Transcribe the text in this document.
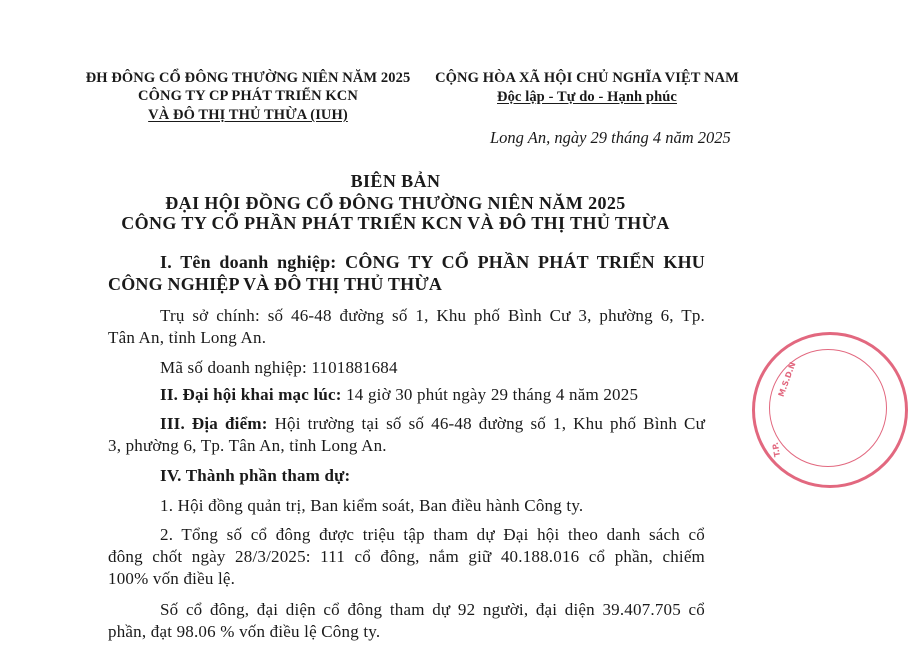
ĐH ĐÔNG CỔ ĐÔNG THƯỜNG NIÊN NĂM 2025
CÔNG TY CP PHÁT TRIỂN KCN
VÀ ĐÔ THỊ THỦ THỪA (IUH)
CỘNG HÒA XÃ HỘI CHỦ NGHĨA VIỆT NAM
Độc lập - Tự do - Hạnh phúc
Long An, ngày 29 tháng 4 năm 2025
BIÊN BẢN
ĐẠI HỘI ĐỒNG CỔ ĐÔNG THƯỜNG NIÊN NĂM 2025
CÔNG TY CỔ PHẦN PHÁT TRIỂN KCN VÀ ĐÔ THỊ THỦ THỪA
I. Tên doanh nghiệp: CÔNG TY CỔ PHẦN PHÁT TRIỂN KHU
CÔNG NGHIỆP VÀ ĐÔ THỊ THỦ THỪA
Trụ sở chính: số 46-48 đường số 1, Khu phố Bình Cư 3, phường 6, Tp.
Tân An, tỉnh Long An.
Mã số doanh nghiệp: 1101881684
II. Đại hội khai mạc lúc: 14 giờ 30 phút ngày 29 tháng 4 năm 2025
III. Địa điểm: Hội trường tại số số 46-48 đường số 1, Khu phố Bình Cư
3, phường 6, Tp. Tân An, tỉnh Long An.
IV. Thành phần tham dự:
1. Hội đồng quản trị, Ban kiểm soát, Ban điều hành Công ty.
2. Tổng số cổ đông được triệu tập tham dự Đại hội theo danh sách cổ
đông chốt ngày 28/3/2025: 111 cổ đông, nắm giữ 40.188.016 cổ phần, chiếm
100% vốn điều lệ.
Số cổ đông, đại diện cổ đông tham dự 92 người, đại diện 39.407.705 cổ
phần, đạt 98.06 % vốn điều lệ Công ty.
M.S.D.N
T.P.
